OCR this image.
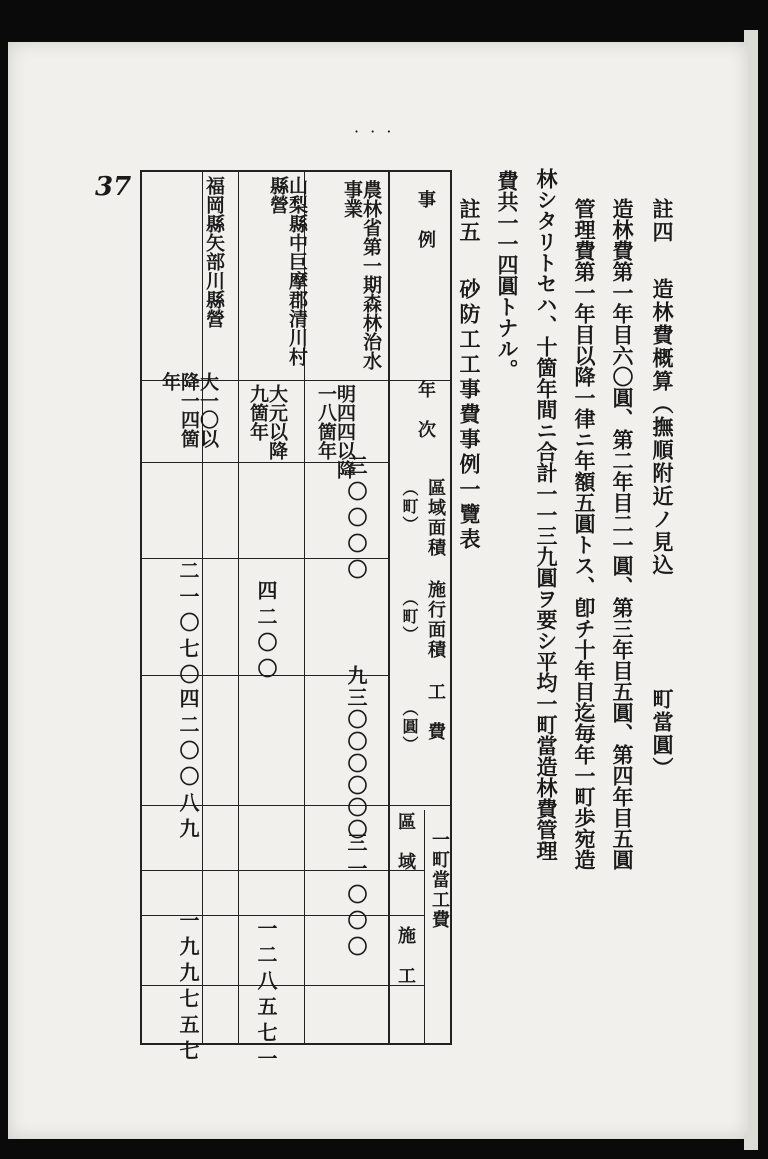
· · ·
37
註四
造林費概算（撫順附近ノ見込
町當圓）
造林費第一年目六〇圓、第二年目二一圓、第三年目五圓、第四年目五圓
管理費第一年目以降一律ニ年額五圓トス、卽チ十年目迄毎年一町歩宛造
林シタリトセハ、十箇年間ニ合計一一三九圓ヲ要シ平均一町當造林費管理
費共一一四圓トナル。
註五
砂防工工事費事例一覽表
事　例
年　次
區域面積
（町）
施行面積
（町）
工　費
（圓）
一町當工費
區　域
施　工
農林省第一期森林治水事業
明四四以降一八箇年
三〇〇〇〇
九三〇〇〇〇〇〇
三一〇〇〇
山梨縣中巨摩郡清川村縣營
大元以降九箇年
四二〇〇
一二八五七一
福岡縣矢部川縣營
大一〇以降一四箇年
二一〇七〇
四二〇〇八九
一九九七五七
